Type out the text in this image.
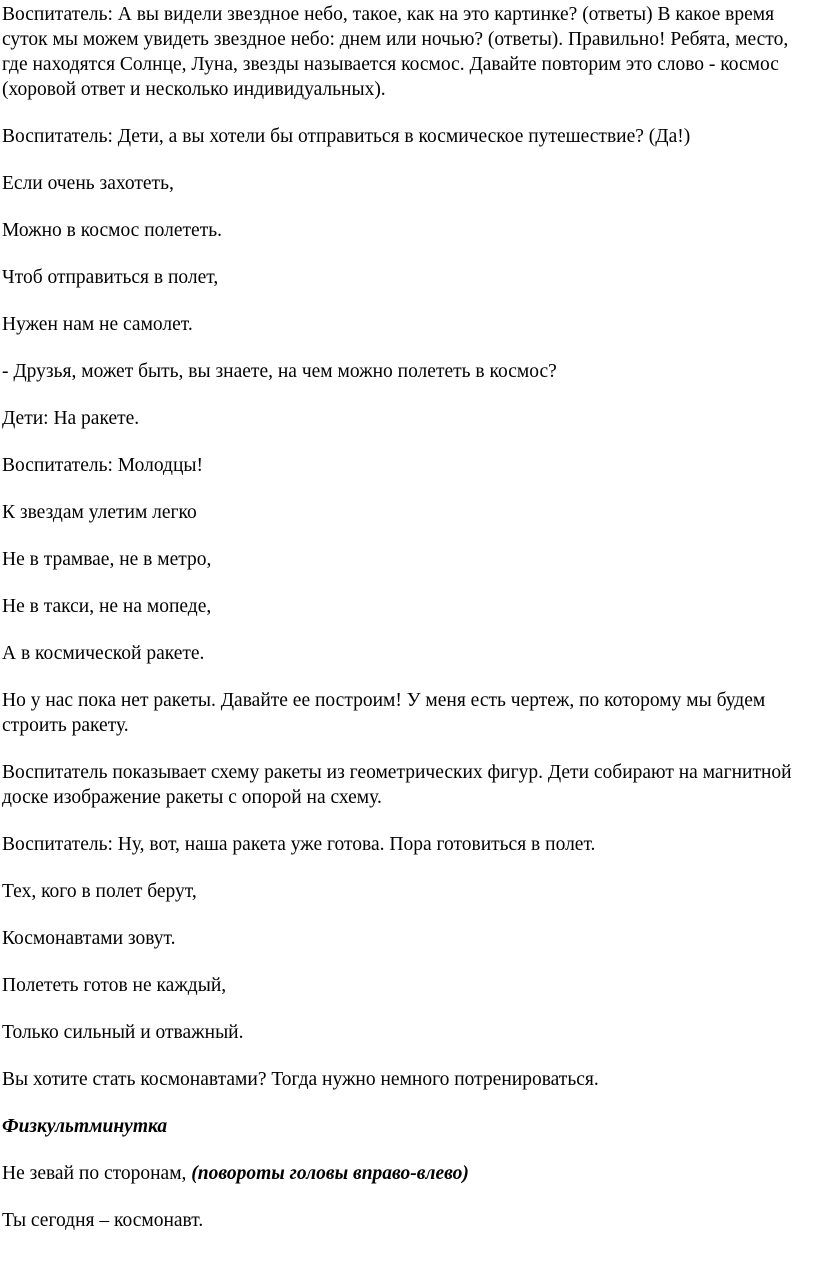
Воспитатель: А вы видели звездное небо, такое, как на это картинке? (ответы) В какое время суток мы можем увидеть звездное небо: днем или ночью? (ответы). Правильно! Ребята, место, где находятся Солнце, Луна, звезды называется космос. Давайте повторим это слово - космос (хоровой ответ и несколько индивидуальных).

Воспитатель: Дети, а вы хотели бы отправиться в космическое путешествие? (Да!)

Если очень захотеть,

Можно в космос полететь.

Чтоб отправиться в полет,

Нужен нам не самолет.

- Друзья, может быть, вы знаете, на чем можно полететь в космос?

Дети: На ракете.

Воспитатель: Молодцы!

К звездам улетим легко

Не в трамвае, не в метро,

Не в такси, не на мопеде,

А в космической ракете.

Но у нас пока нет ракеты. Давайте ее построим! У меня есть чертеж, по которому мы будем строить ракету.

Воспитатель показывает схему ракеты из геометрических фигур. Дети собирают на магнитной доске изображение ракеты с опорой на схему.

Воспитатель: Ну, вот, наша ракета уже готова. Пора готовиться в полет.

Тех, кого в полет берут,

Космонавтами зовут.

Полететь готов не каждый,

Только сильный и отважный.

Вы хотите стать космонавтами? Тогда нужно немного потренироваться.

Физкультминутка

Не зевай по сторонам, (повороты головы вправо-влево)

Ты сегодня – космонавт.
